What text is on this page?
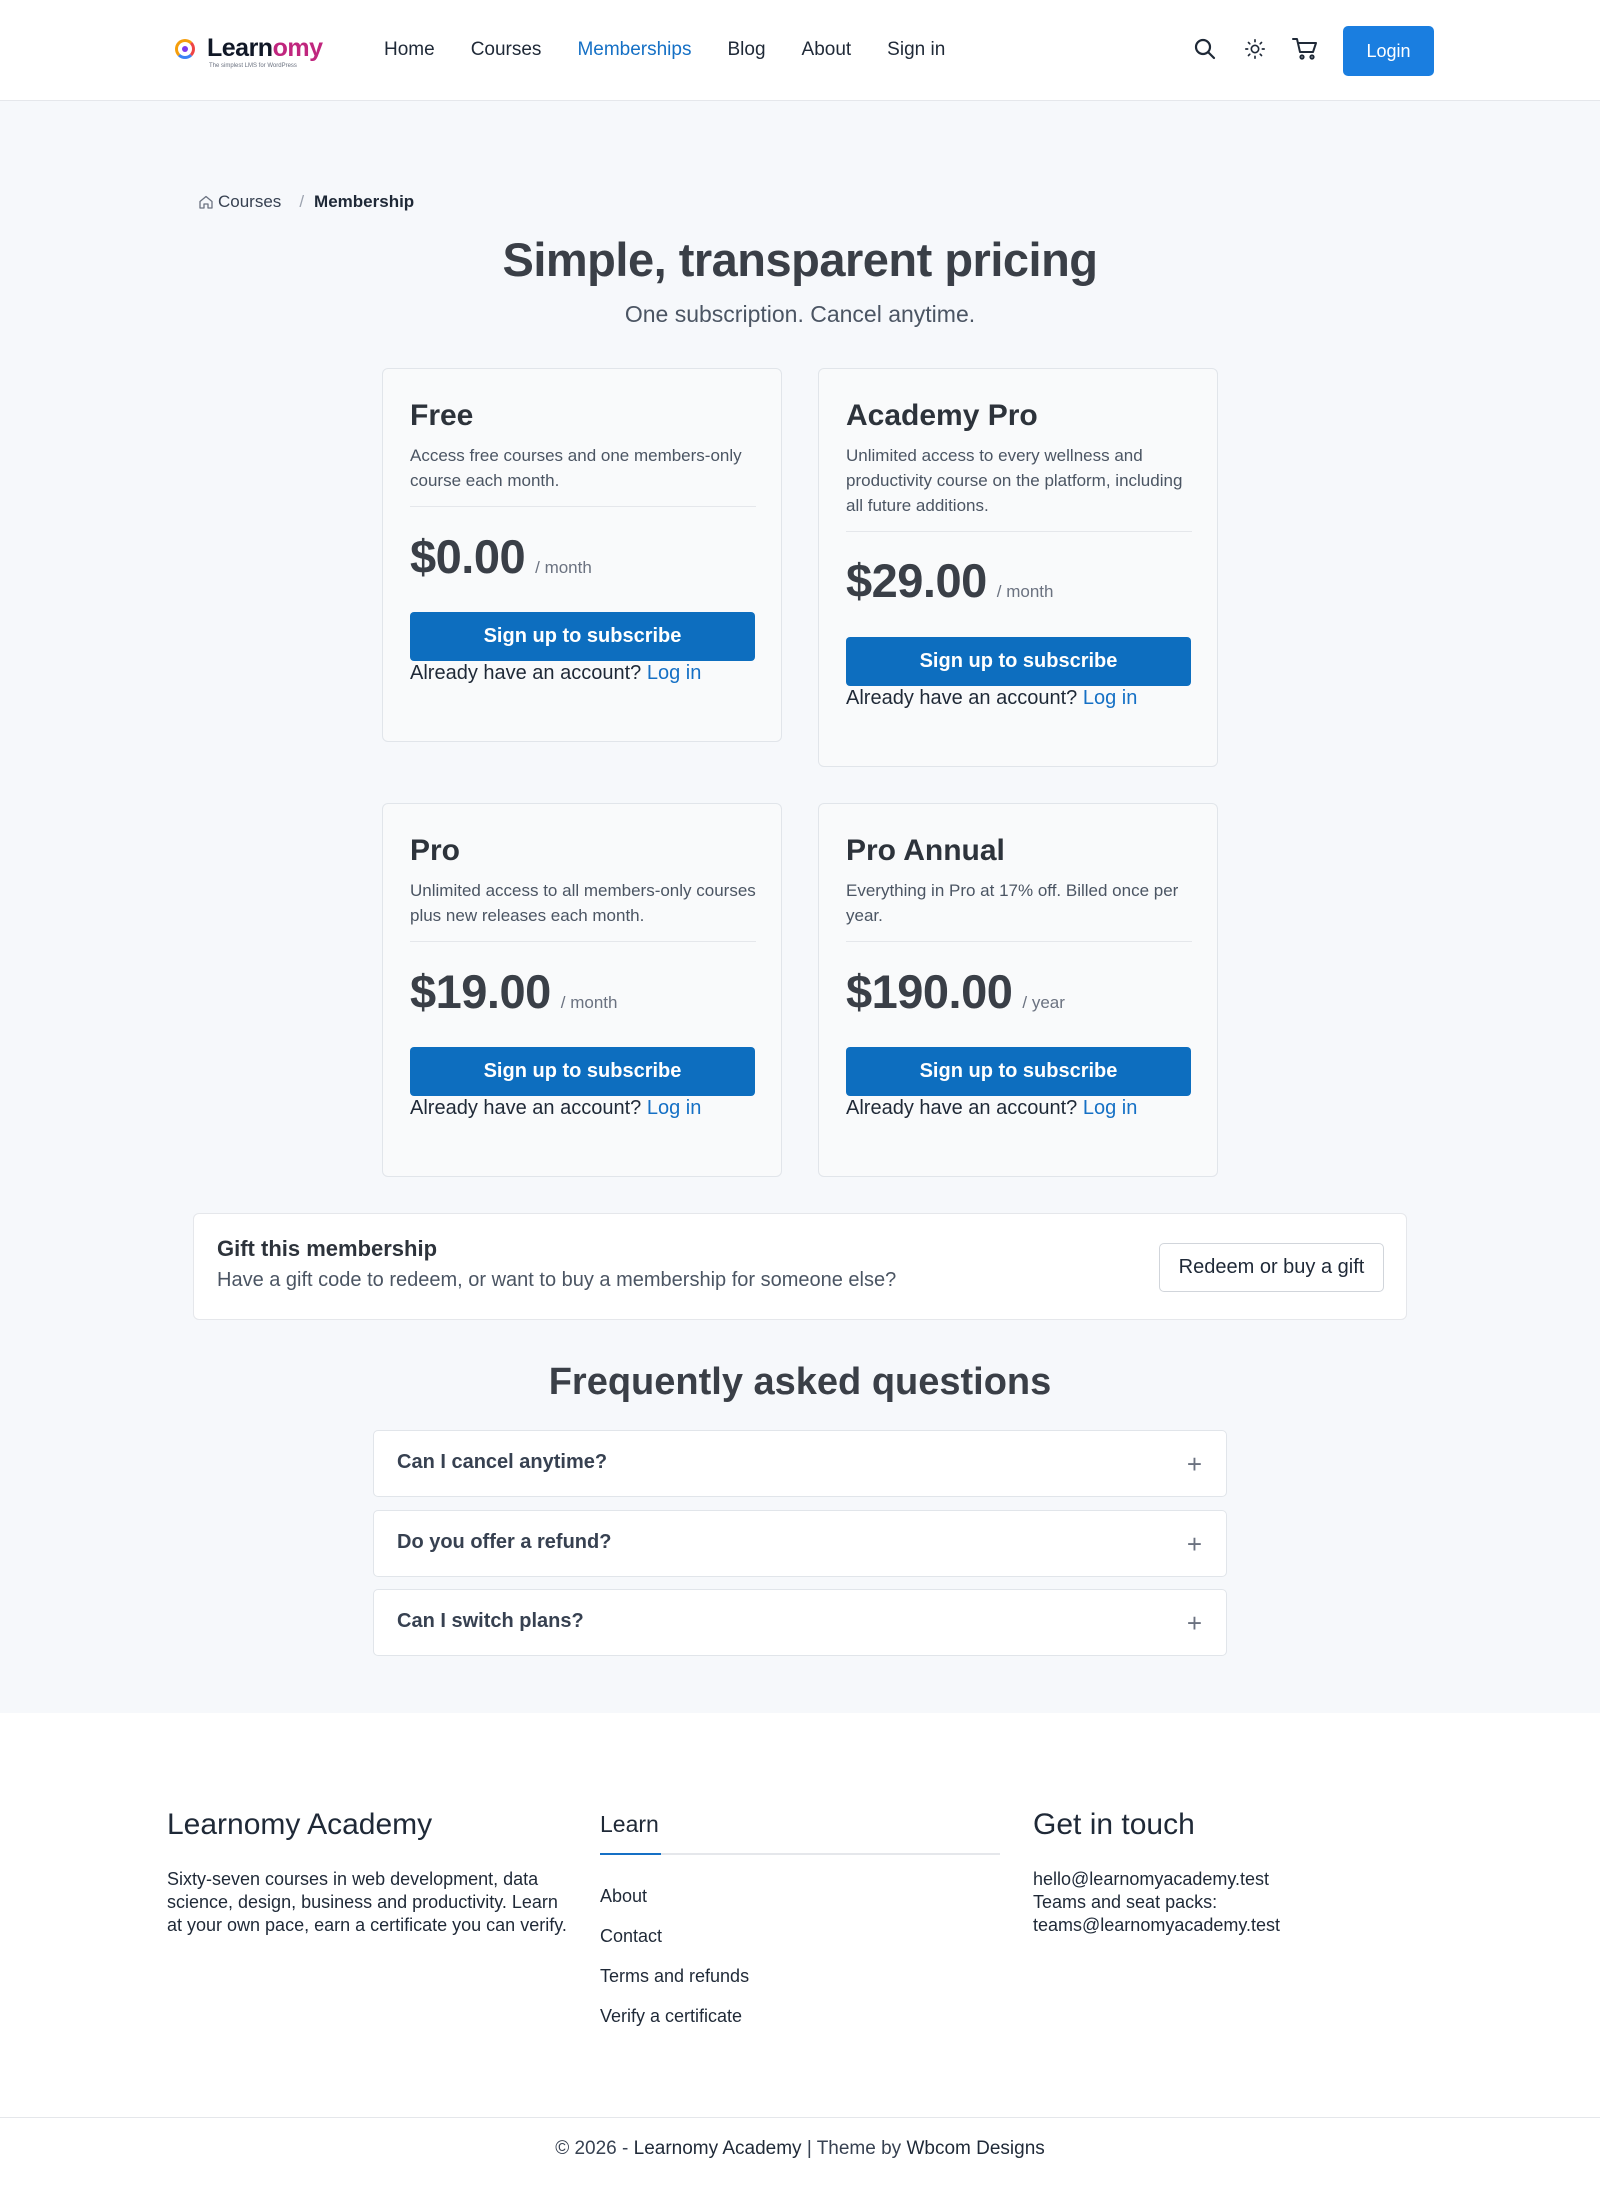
Learnomy
The simplest LMS for WordPress
Home Courses Memberships Blog About Sign in	Login
Courses / Membership
Simple, transparent pricing

One subscription. Cancel anytime.

Free
Access free courses and one members-only course each month.
$0.00 / month
Sign up to subscribe
Already have an account? Log in
Academy Pro
Unlimited access to every wellness and productivity course on the platform, including all future additions.
$29.00 / month
Sign up to subscribe
Already have an account? Log in
Pro
Unlimited access to all members-only courses plus new releases each month.
$19.00 / month
Sign up to subscribe
Already have an account? Log in
Pro Annual
Everything in Pro at 17% off. Billed once per year.
$190.00 / year
Sign up to subscribe
Already have an account? Log in
Gift this membership
Have a gift code to redeem, or want to buy a membership for someone else?
Redeem or buy a gift
Frequently asked questions
Can I cancel anytime?	+
Do you offer a refund?	+
Can I switch plans?	+
Learnomy Academy

Sixty-seven courses in web development, data science, design, business and productivity. Learn at your own pace, earn a certificate you can verify.

Learn
About
Contact
Terms and refunds
Verify a certificate
Get in touch
hello@learnomyacademy.test
Teams and seat packs:
teams@learnomyacademy.test
© 2026 - Learnomy Academy | Theme by Wbcom Designs
